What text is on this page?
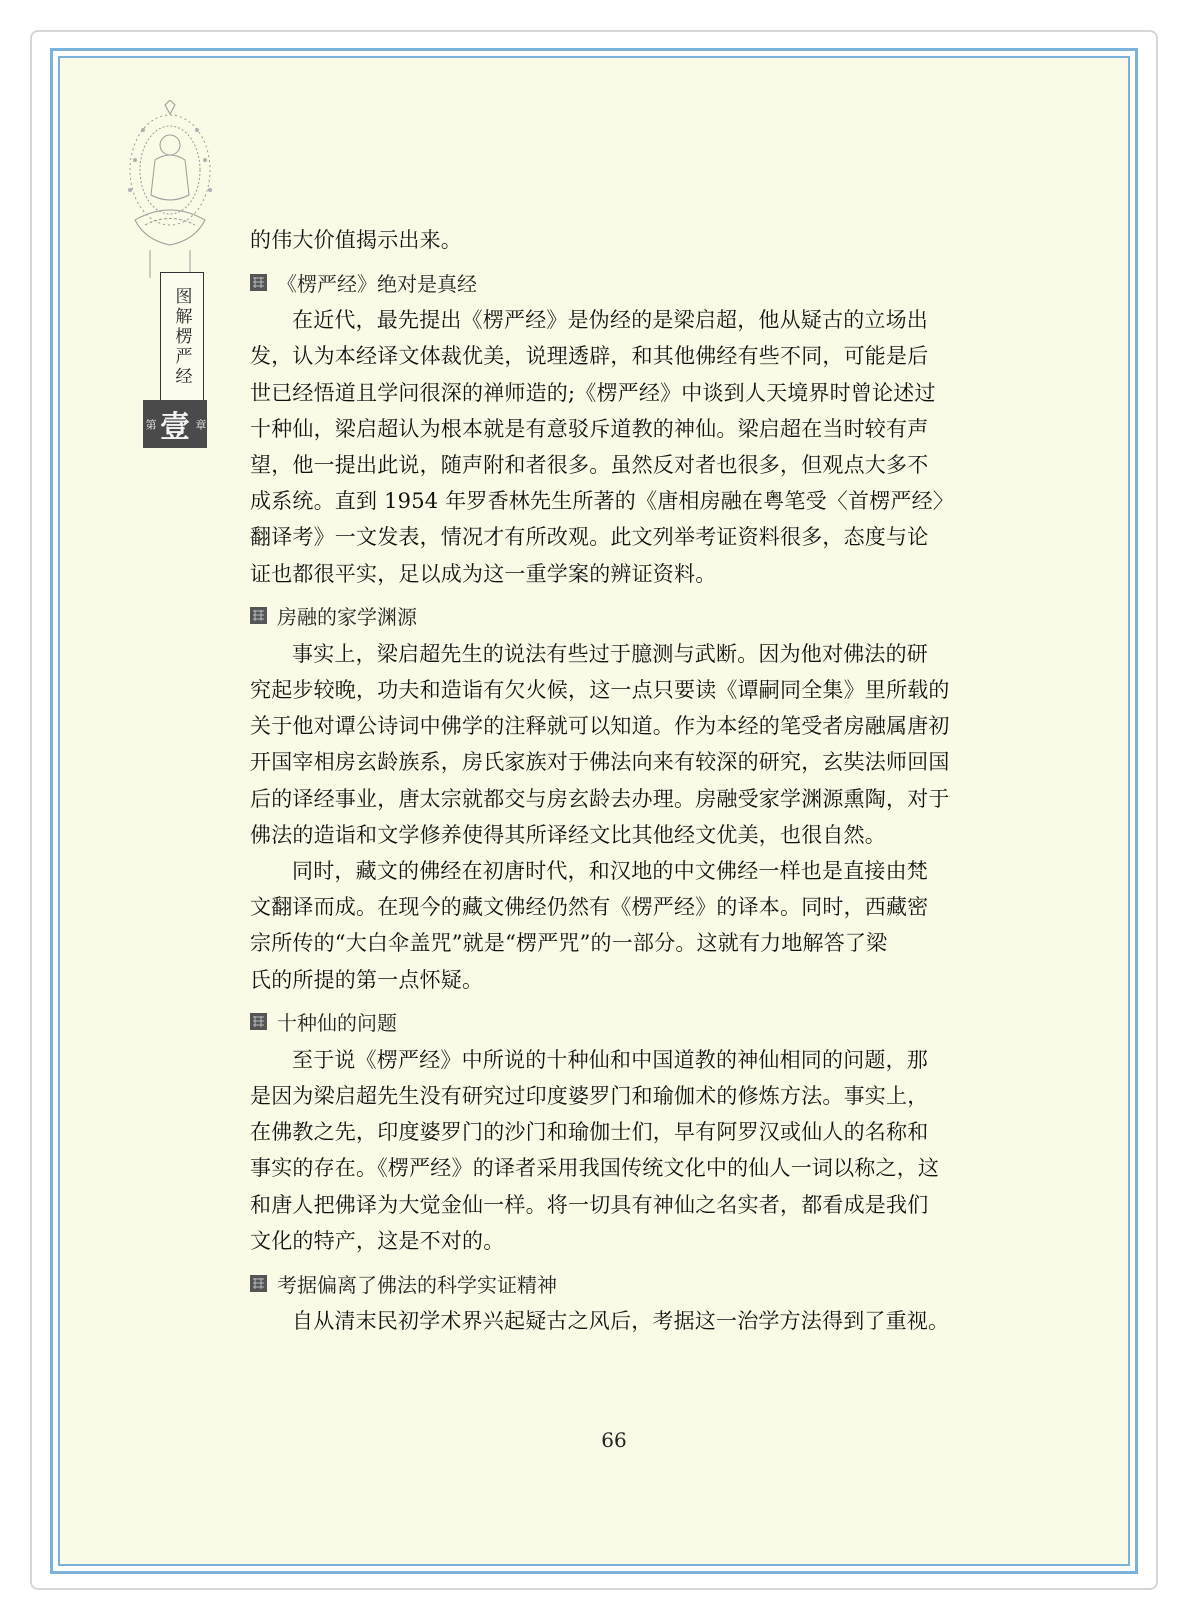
图解楞严经
第 壹 章
的伟大价值揭示出来。
《楞严经》绝对是真经
在近代，最先提出《楞严经》是伪经的是梁启超，他从疑古的立场出
发，认为本经译文体裁优美，说理透辟，和其他佛经有些不同，可能是后
世已经悟道且学问很深的禅师造的;《楞严经》中谈到人天境界时曾论述过
十种仙，梁启超认为根本就是有意驳斥道教的神仙。梁启超在当时较有声
望，他一提出此说，随声附和者很多。虽然反对者也很多，但观点大多不
成系统。直到 1954 年罗香林先生所著的《唐相房融在粤笔受〈首楞严经〉
翻译考》一文发表，情况才有所改观。此文列举考证资料很多，态度与论
证也都很平实，足以成为这一重学案的辨证资料。
房融的家学渊源
事实上，梁启超先生的说法有些过于臆测与武断。因为他对佛法的研
究起步较晚，功夫和造诣有欠火候，这一点只要读《谭嗣同全集》里所载的
关于他对谭公诗词中佛学的注释就可以知道。作为本经的笔受者房融属唐初
开国宰相房玄龄族系，房氏家族对于佛法向来有较深的研究，玄奘法师回国
后的译经事业，唐太宗就都交与房玄龄去办理。房融受家学渊源熏陶，对于
佛法的造诣和文学修养使得其所译经文比其他经文优美，也很自然。
同时，藏文的佛经在初唐时代，和汉地的中文佛经一样也是直接由梵
文翻译而成。在现今的藏文佛经仍然有《楞严经》的译本。同时，西藏密
宗所传的“大白伞盖咒”就是“楞严咒”的一部分。这就有力地解答了梁
氏的所提的第一点怀疑。
十种仙的问题
至于说《楞严经》中所说的十种仙和中国道教的神仙相同的问题，那
是因为梁启超先生没有研究过印度婆罗门和瑜伽术的修炼方法。事实上，
在佛教之先，印度婆罗门的沙门和瑜伽士们，早有阿罗汉或仙人的名称和
事实的存在。《楞严经》的译者采用我国传统文化中的仙人一词以称之，这
和唐人把佛译为大觉金仙一样。将一切具有神仙之名实者，都看成是我们
文化的特产，这是不对的。
考据偏离了佛法的科学实证精神
自从清末民初学术界兴起疑古之风后，考据这一治学方法得到了重视。
66
